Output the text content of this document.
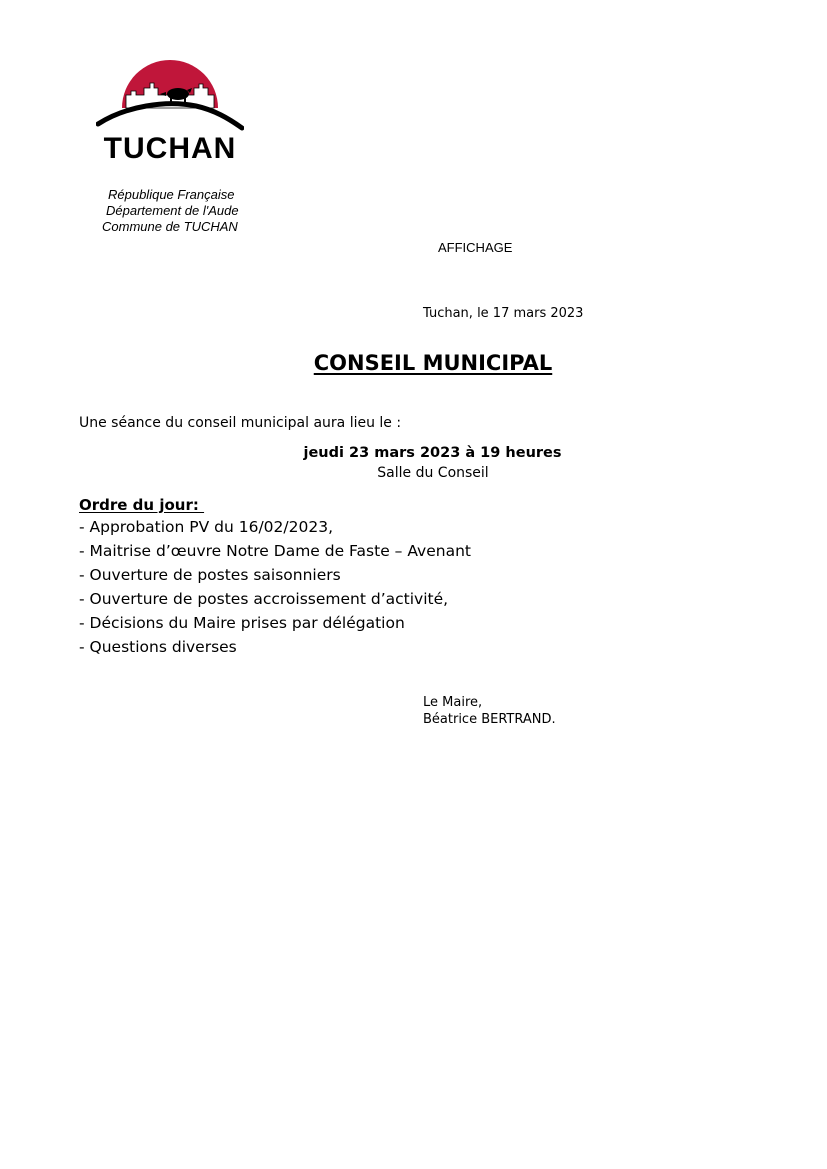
TUCHAN
République Française
Département de l'Aude
Commune de TUCHAN
AFFICHAGE
Tuchan, le 17 mars 2023
CONSEIL MUNICIPAL
Une séance du conseil municipal aura lieu le :
jeudi 23 mars 2023 à 19 heures
Salle du Conseil
Ordre du jour:
- Approbation PV du 16/02/2023,
- Maitrise d’œuvre Notre Dame de Faste – Avenant
- Ouverture de postes saisonniers
- Ouverture de postes accroissement d’activité,
- Décisions du Maire prises par délégation
- Questions diverses
Le Maire,
Béatrice BERTRAND.
